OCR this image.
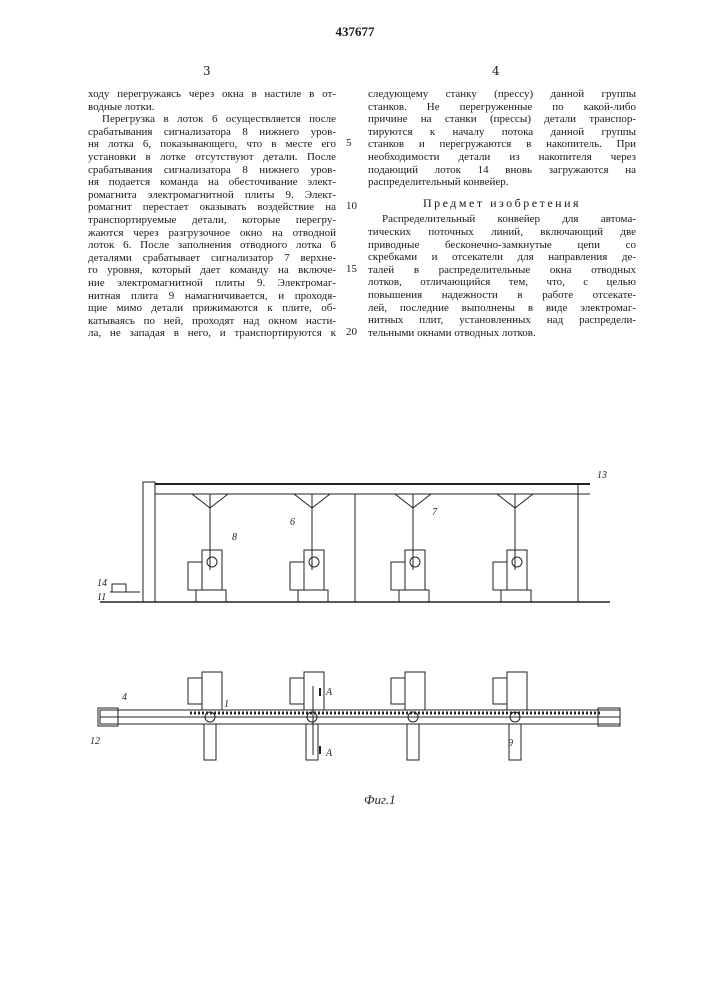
437677
3	4
ходу перегружаясь через окна в настиле в от-
водные лотки.
Перегрузка в лоток 6 осуществляется после
срабатывания сигнализатора 8 нижнего уров-
ня лотка 6, показывающего, что в месте его
установки в лотке отсутствуют детали. После
срабатывания сигнализатора 8 нижнего уров-
ня подается команда на обесточивание элект-
ромагнита электромагнитной плиты 9. Элект-
ромагнит перестает оказывать воздействие на
транспортируемые детали, которые перегру-
жаются через разгрузочное окно на отводной
лоток 6. После заполнения отводного лотка 6
деталями срабатывает сигнализатор 7 верхне-
го уровня, который дает команду на включе-
ние электромагнитной плиты 9. Электромаг-
нитная плита 9 намагничивается, и проходя-
щие мимо детали прижимаются к плите, об-
катываясь по ней, проходят над окном насти-
ла, не западая в него, и транспортируются к
следующему станку (прессу) данной группы
станков. Не перегруженные по какой-либо
причине на станки (прессы) детали транспор-
тируются к началу потока данной группы
станков и перегружаются в накопитель. При
необходимости детали из накопителя через
подающий лоток 14 вновь загружаются на
распределительный конвейер.
Предмет изобретения
Распределительный конвейер для автома-
тических поточных линий, включающий две
приводные бесконечно-замкнутые цепи со
скребками и отсекатели для направления де-
талей в распределительные окна отводных
лотков, отличающийся тем, что, с целью
повышения надежности в работе отсекате-
лей, последние выполнены в виде электромаг-
нитных плит, установленных над распредели-
тельными окнами отводных лотков.
5
10
15
20
13
8
6
7
14
11
4
1
A
A
12	9
Фиг.1
